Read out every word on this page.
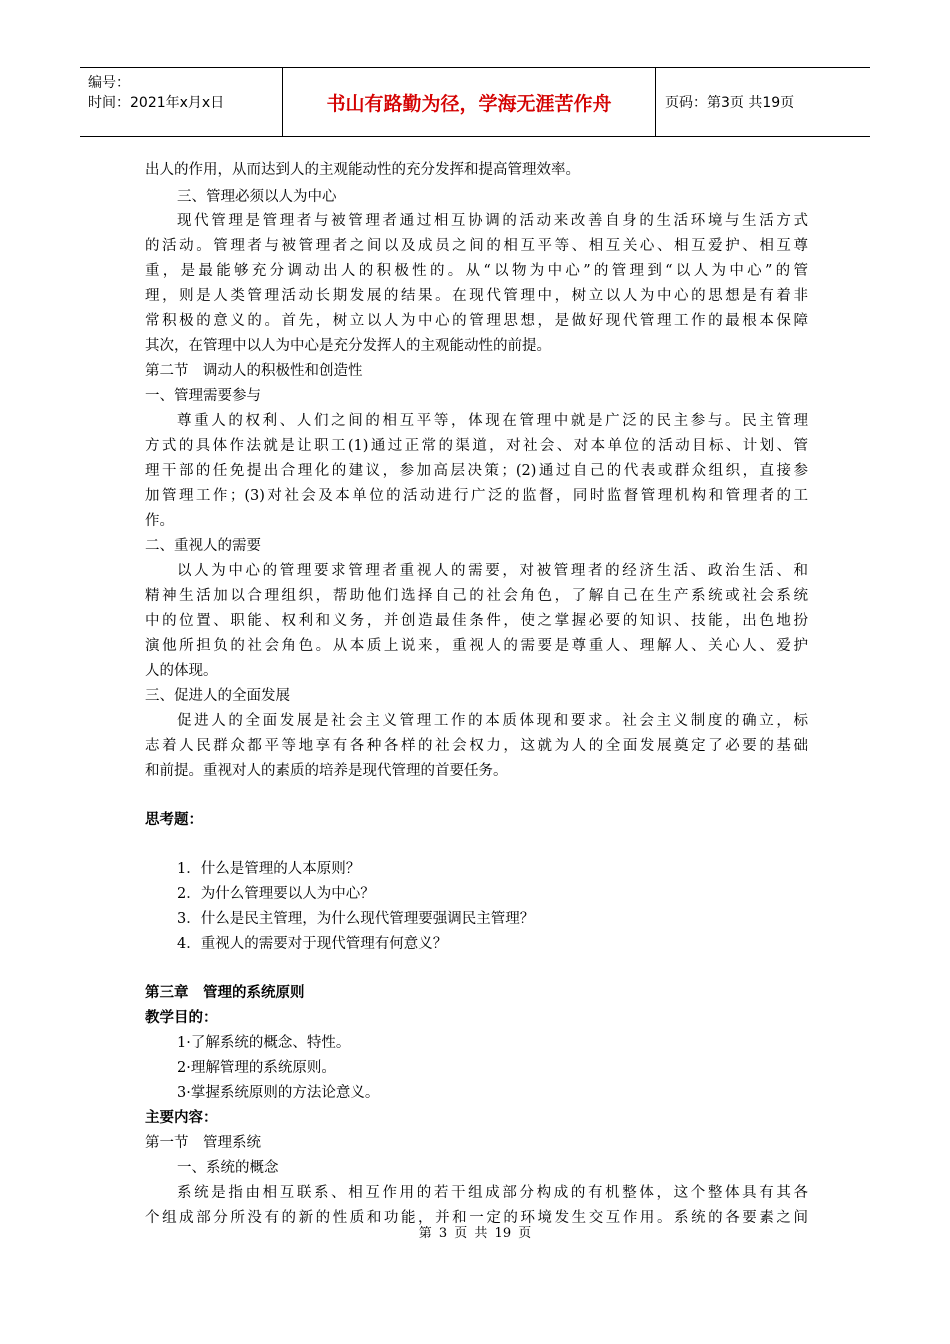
编号：
时间：2021年x月x日	书山有路勤为径，学海无涯苦作舟	页码：第3页 共19页
出人的作用，从而达到人的主观能动性的充分发挥和提高管理效率。
三、管理必须以人为中心
现代管理是管理者与被管理者通过相互协调的活动来改善自身的生活环境与生活方式
的活动。管理者与被管理者之间以及成员之间的相互平等、相互关心、相互爱护、相互尊
重，是最能够充分调动出人的积极性的。从“以物为中心”的管理到“以人为中心”的管
理，则是人类管理活动长期发展的结果。在现代管理中，树立以人为中心的思想是有着非
常积极的意义的。首先，树立以人为中心的管理思想，是做好现代管理工作的最根本保障
其次，在管理中以人为中心是充分发挥人的主观能动性的前提。
第二节　调动人的积极性和创造性
一、管理需要参与
尊重人的权利、人们之间的相互平等，体现在管理中就是广泛的民主参与。民主管理
方式的具体作法就是让职工(1)通过正常的渠道，对社会、对本单位的活动目标、计划、管
理干部的任免提出合理化的建议，参加高层决策；(2)通过自己的代表或群众组织，直接参
加管理工作；(3)对社会及本单位的活动进行广泛的监督，同时监督管理机构和管理者的工
作。
二、重视人的需要
以人为中心的管理要求管理者重视人的需要，对被管理者的经济生活、政治生活、和
精神生活加以合理组织，帮助他们选择自己的社会角色，了解自己在生产系统或社会系统
中的位置、职能、权利和义务，并创造最佳条件，使之掌握必要的知识、技能，出色地扮
演他所担负的社会角色。从本质上说来，重视人的需要是尊重人、理解人、关心人、爱护
人的体现。
三、促进人的全面发展
促进人的全面发展是社会主义管理工作的本质体现和要求。社会主义制度的确立，标
志着人民群众都平等地享有各种各样的社会权力，这就为人的全面发展奠定了必要的基础
和前提。重视对人的素质的培养是现代管理的首要任务。
思考题：
1．什么是管理的人本原则？
2．为什么管理要以人为中心？
3．什么是民主管理，为什么现代管理要强调民主管理？
4．重视人的需要对于现代管理有何意义？
第三章　管理的系统原则
教学目的：
1·了解系统的概念、特性。
2·理解管理的系统原则。
3·掌握系统原则的方法论意义。
主要内容：
第一节　管理系统
一、系统的概念
系统是指由相互联系、相互作用的若干组成部分构成的有机整体，这个整体具有其各
个组成部分所没有的新的性质和功能，并和一定的环境发生交互作用。系统的各要素之间
第 3 页 共 19 页
